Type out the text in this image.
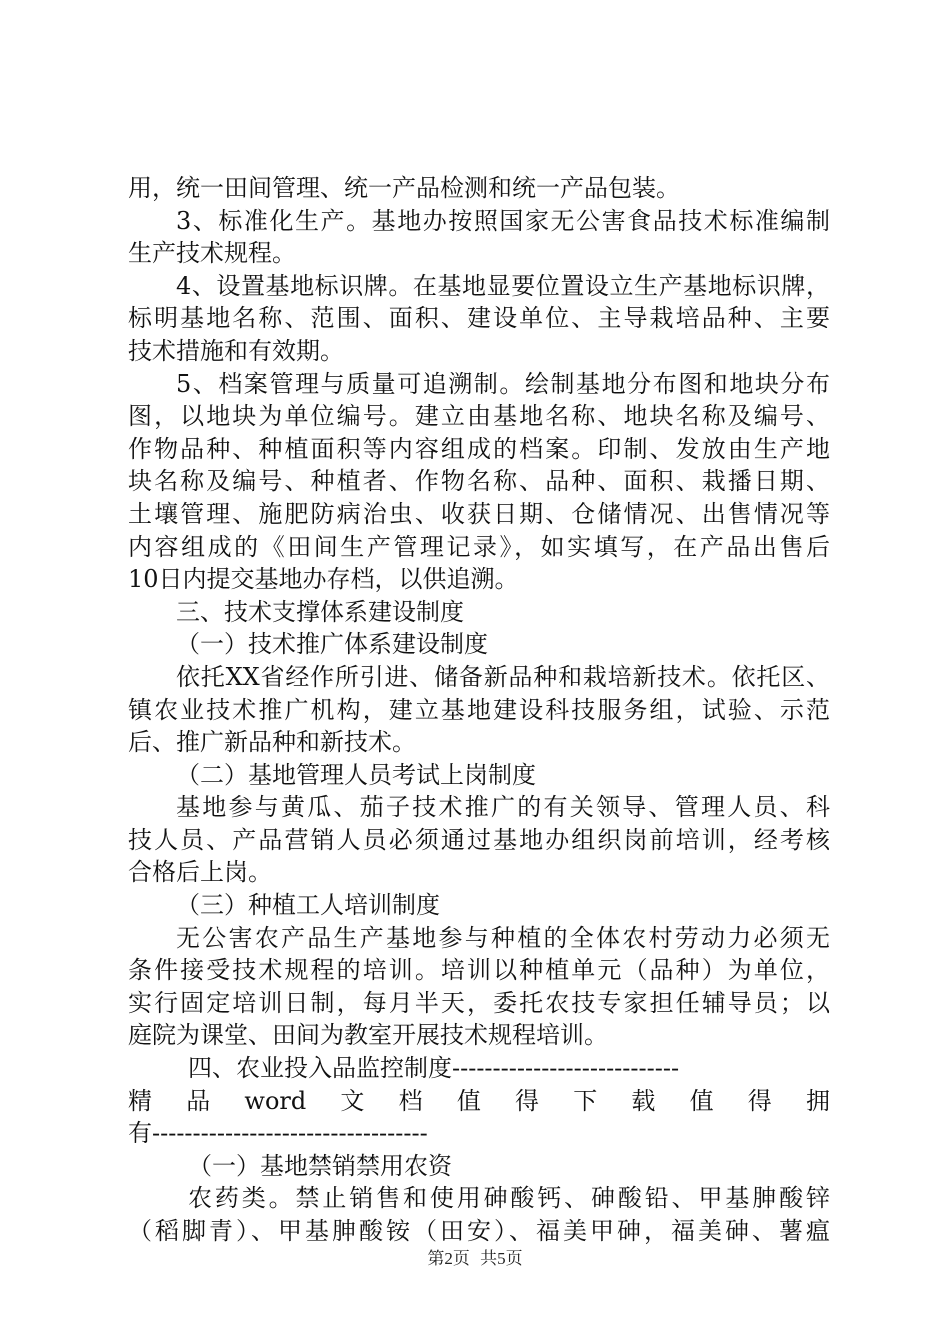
用，统一田间管理、统一产品检测和统一产品包装。
3、标准化生产。基地办按照国家无公害食品技术标准编制
生产技术规程。
4、设置基地标识牌。在基地显要位置设立生产基地标识牌，
标明基地名称、范围、面积、建设单位、主导栽培品种、主要
技术措施和有效期。
5、档案管理与质量可追溯制。绘制基地分布图和地块分布
图，以地块为单位编号。建立由基地名称、地块名称及编号、
作物品种、种植面积等内容组成的档案。印制、发放由生产地
块名称及编号、种植者、作物名称、品种、面积、栽播日期、
土壤管理、施肥防病治虫、收获日期、仓储情况、出售情况等
内容组成的《田间生产管理记录》，如实填写，在产品出售后
10日内提交基地办存档，以供追溯。
三、技术支撑体系建设制度
（一）技术推广体系建设制度
依托XX省经作所引进、储备新品种和栽培新技术。依托区、
镇农业技术推广机构，建立基地建设科技服务组，试验、示范
后、推广新品种和新技术。
（二）基地管理人员考试上岗制度
基地参与黄瓜、茄子技术推广的有关领导、管理人员、科
技人员、产品营销人员必须通过基地办组织岗前培训，经考核
合格后上岗。
（三）种植工人培训制度
无公害农产品生产基地参与种植的全体农村劳动力必须无
条件接受技术规程的培训。培训以种植单元（品种）为单位，
实行固定培训日制，每月半天，委托农技专家担任辅导员；以
庭院为课堂、田间为教室开展技术规程培训。
四、农业投入品监控制度----------------------------
精　品　word　文　档　值　得　下　载　值　得　拥
有----------------------------------
（一）基地禁销禁用农资
农药类。禁止销售和使用砷酸钙、砷酸铅、甲基胂酸锌
（稻脚青）、甲基胂酸铵（田安）、福美甲砷，福美砷、薯瘟
第2页 共5页
